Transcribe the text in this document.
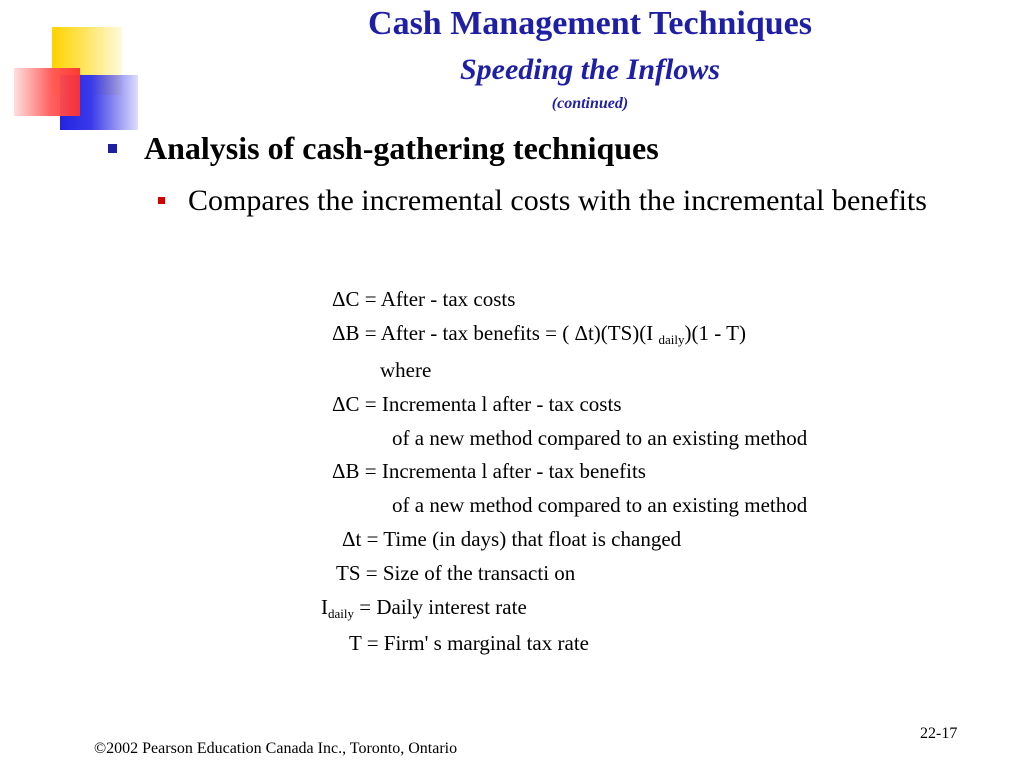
Cash Management Techniques
Speeding the Inflows
(continued)
Analysis of cash-gathering techniques
Compares the incremental costs with the incremental benefits
ΔC = After - tax costs
ΔB = After - tax benefits = ( Δt)(TS)(I daily)(1 - T)
where
ΔC = Incrementa l after - tax costs
of a new method compared to an existing method
ΔB = Incrementa l after - tax benefits
of a new method compared to an existing method
Δt = Time (in days) that float is changed
TS = Size of the transacti on
Idaily = Daily interest rate
T = Firm' s marginal tax rate
©2002 Pearson Education Canada Inc., Toronto, Ontario
22-17
